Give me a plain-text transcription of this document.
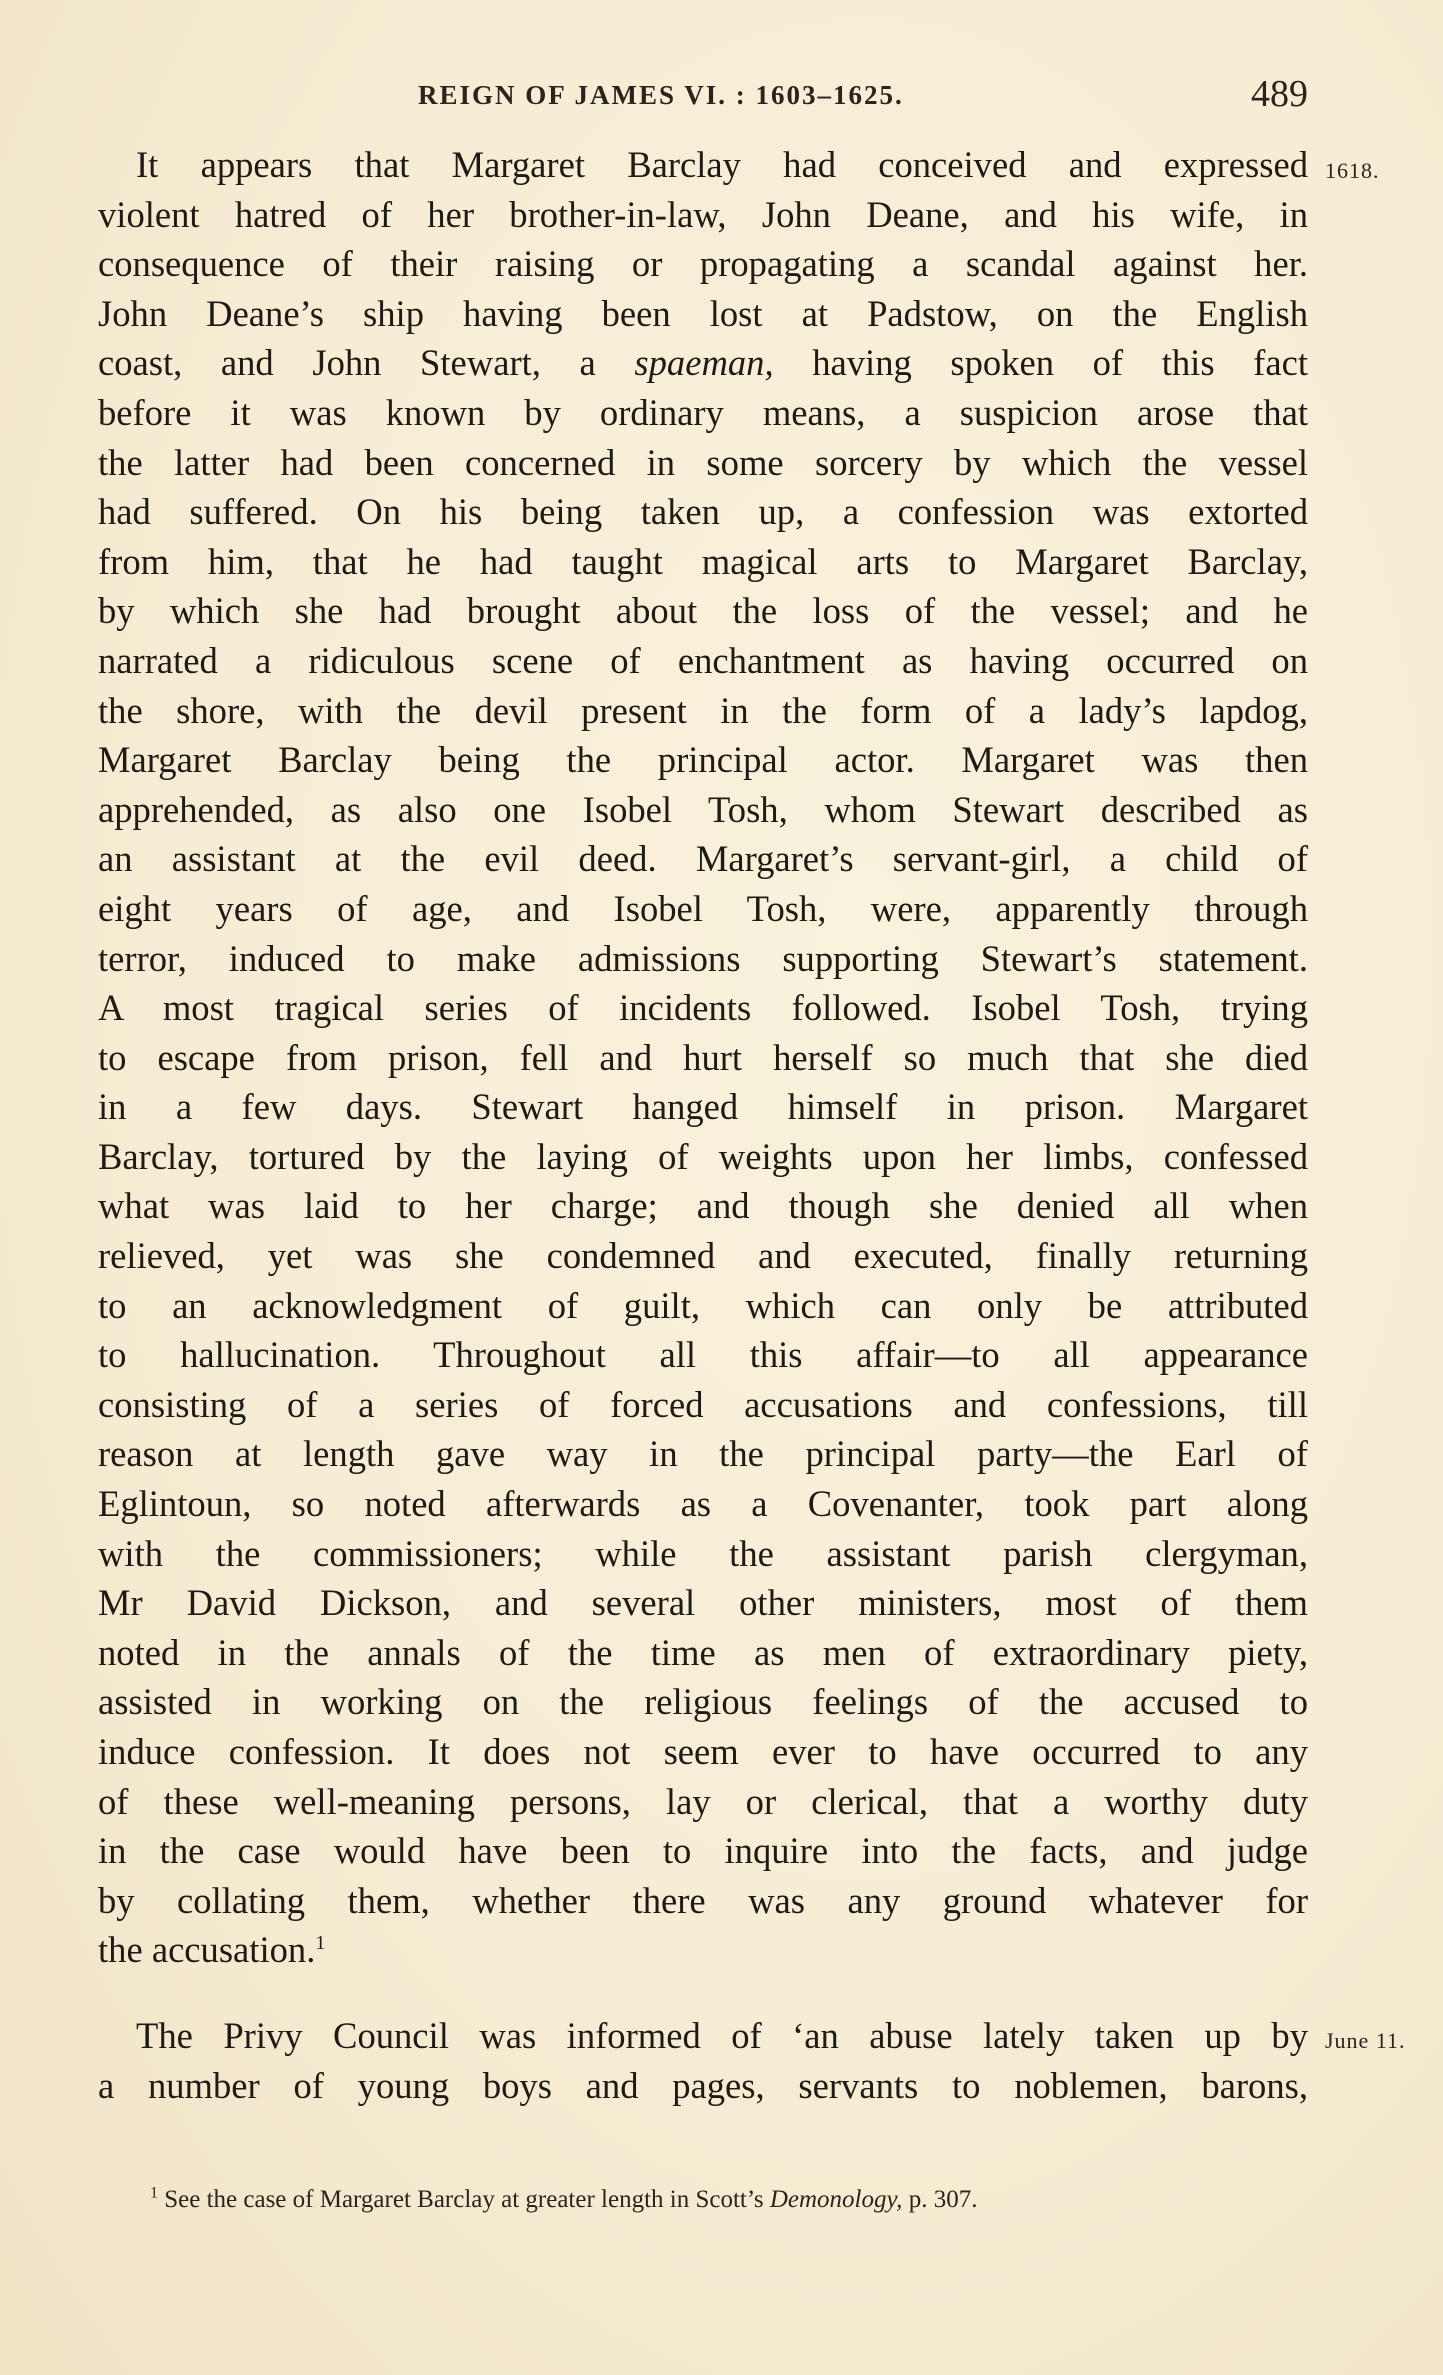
REIGN OF JAMES VI. : 1603–1625.	489
1618.
June 11.
It appears that Margaret Barclay had conceived and expressed
violent hatred of her brother-in-law, John Deane, and his wife, in
consequence of their raising or propagating a scandal against her.
John Deane’s ship having been lost at Padstow, on the English
coast, and John Stewart, a spaeman, having spoken of this fact
before it was known by ordinary means, a suspicion arose that
the latter had been concerned in some sorcery by which the vessel
had suffered. On his being taken up, a confession was extorted
from him, that he had taught magical arts to Margaret Barclay,
by which she had brought about the loss of the vessel; and he
narrated a ridiculous scene of enchantment as having occurred on
the shore, with the devil present in the form of a lady’s lapdog,
Margaret Barclay being the principal actor. Margaret was then
apprehended, as also one Isobel Tosh, whom Stewart described as
an assistant at the evil deed. Margaret’s servant-girl, a child of
eight years of age, and Isobel Tosh, were, apparently through
terror, induced to make admissions supporting Stewart’s statement.
A most tragical series of incidents followed. Isobel Tosh, trying
to escape from prison, fell and hurt herself so much that she died
in a few days. Stewart hanged himself in prison. Margaret
Barclay, tortured by the laying of weights upon her limbs, confessed
what was laid to her charge; and though she denied all when
relieved, yet was she condemned and executed, finally returning
to an acknowledgment of guilt, which can only be attributed
to hallucination. Throughout all this affair—to all appearance
consisting of a series of forced accusations and confessions, till
reason at length gave way in the principal party—the Earl of
Eglintoun, so noted afterwards as a Covenanter, took part along
with the commissioners; while the assistant parish clergyman,
Mr David Dickson, and several other ministers, most of them
noted in the annals of the time as men of extraordinary piety,
assisted in working on the religious feelings of the accused to
induce confession. It does not seem ever to have occurred to any
of these well-meaning persons, lay or clerical, that a worthy duty
in the case would have been to inquire into the facts, and judge
by collating them, whether there was any ground whatever for
the accusation.$^1$
The Privy Council was informed of ‘an abuse lately taken up by
a number of young boys and pages, servants to noblemen, barons,
$^1$ See the case of Margaret Barclay at greater length in Scott’s Demonology, p. 307.
